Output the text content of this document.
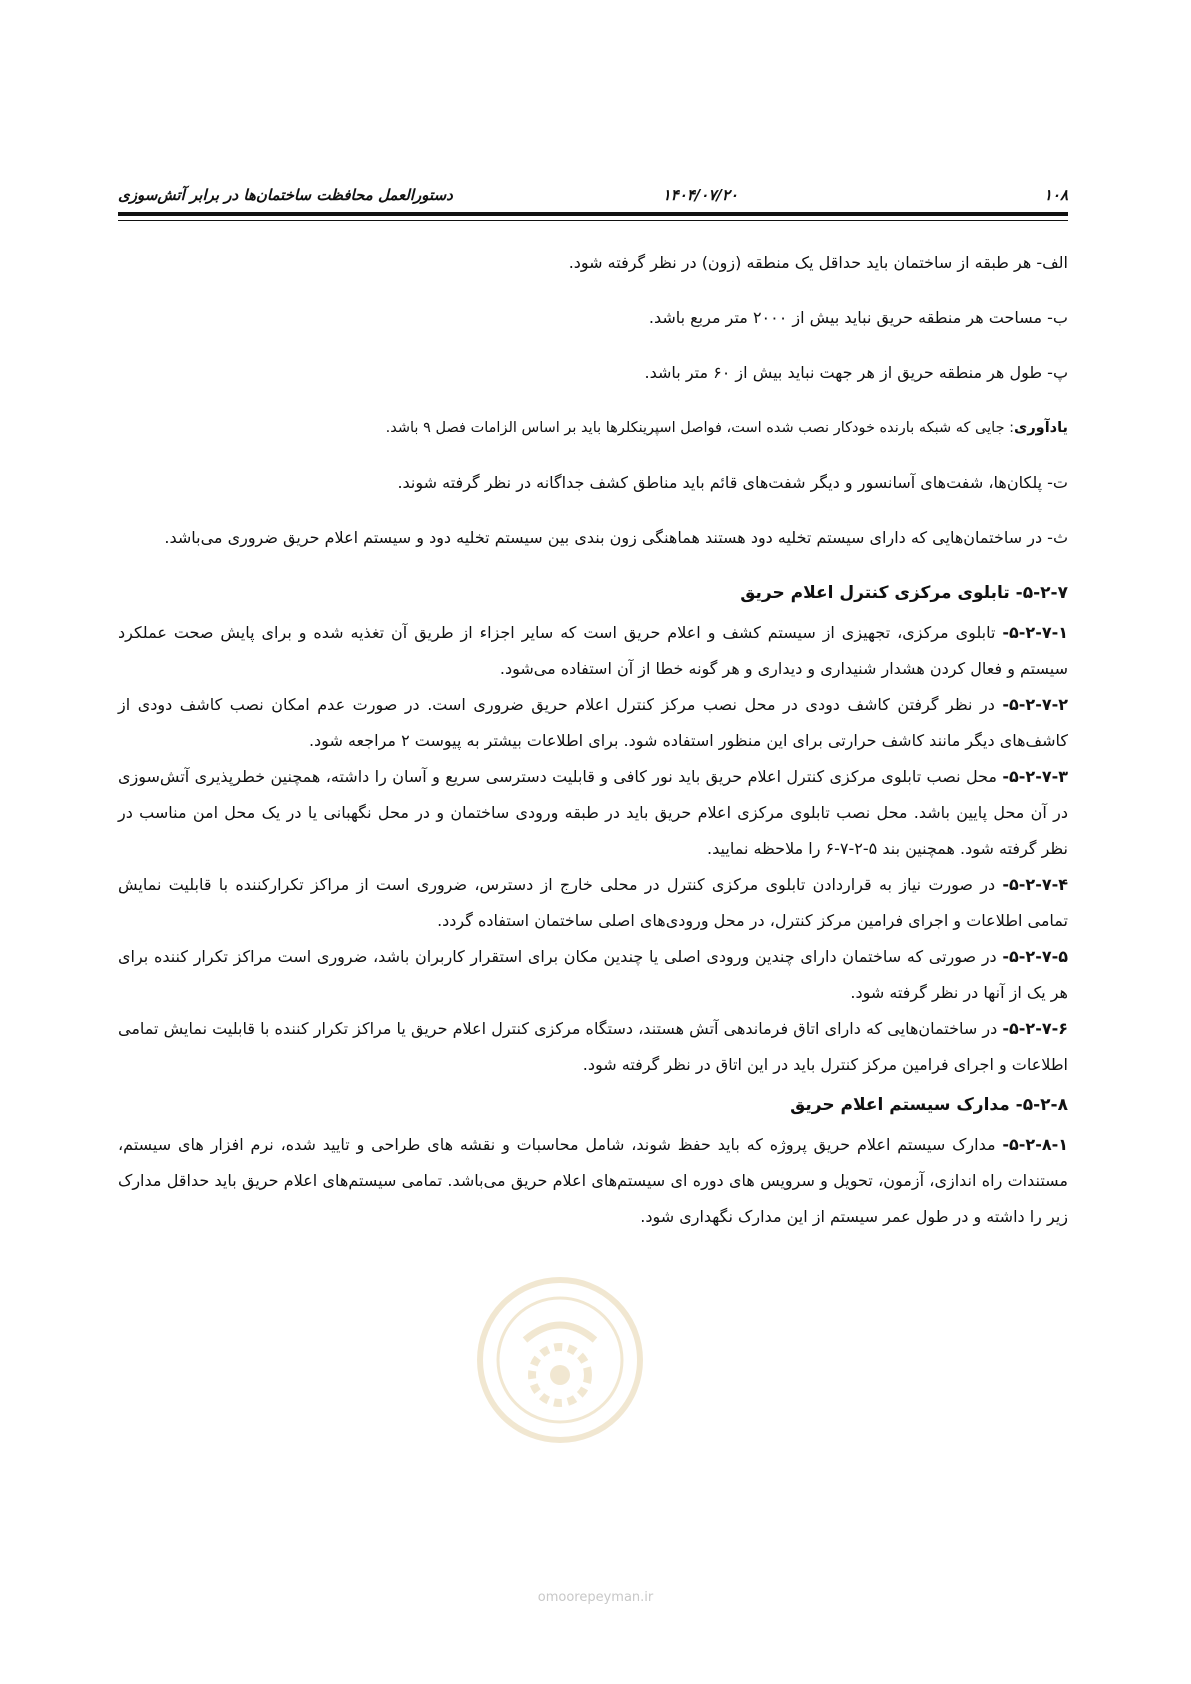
۱۰۸
۱۴۰۴/۰۷/۲۰
دستورالعمل محافظت ساختمان‌ها در برابر آتش‌سوزی

الف- هر طبقه از ساختمان باید حداقل یک منطقه (زون) در نظر گرفته شود.

ب- مساحت هر منطقه حریق نباید بیش از ۲۰۰۰ متر مربع باشد.

پ- طول هر منطقه حریق از هر جهت نباید بیش از ۶۰ متر باشد.

یادآوری: جایی که شبکه بارنده خودکار نصب شده است، فواصل اسپرینکلرها باید بر اساس الزامات فصل ۹ باشد.

ت- پلکان‌ها، شفت‌های آسانسور و دیگر شفت‌های قائم باید مناطق کشف جداگانه در نظر گرفته شوند.

ث- در ساختمان‌هایی که دارای سیستم تخلیه دود هستند هماهنگی زون بندی بین سیستم تخلیه دود و سیستم اعلام حریق ضروری می‌باشد.

۵-۲-۷- تابلوی مرکزی کنترل اعلام حریق

۵-۲-۷-۱- تابلوی مرکزی، تجهیزی از سیستم کشف و اعلام حریق است که سایر اجزاء از طریق آن تغذیه شده و برای پایش صحت عملکرد سیستم و فعال کردن هشدار شنیداری و دیداری و هر گونه خطا از آن استفاده می‌شود.

۵-۲-۷-۲- در نظر گرفتن کاشف دودی در محل نصب مرکز کنترل اعلام حریق ضروری است. در صورت عدم امکان نصب کاشف دودی از کاشف‌های دیگر مانند کاشف حرارتی برای این منظور استفاده شود. برای اطلاعات بیشتر به پیوست ۲ مراجعه شود.

۵-۲-۷-۳- محل نصب تابلوی مرکزی کنترل اعلام حریق باید نور کافی و قابلیت دسترسی سریع و آسان را داشته، همچنین خطرپذیری آتش‌سوزی در آن محل پایین باشد. محل نصب تابلوی مرکزی اعلام حریق باید در طبقه ورودی ساختمان و در محل نگهبانی یا در یک محل امن مناسب در نظر گرفته شود. همچنین بند ۵-۲-۷-۶ را ملاحظه نمایید.

۵-۲-۷-۴- در صورت نیاز به قراردادن تابلوی مرکزی کنترل در محلی خارج از دسترس، ضروری است از مراکز تکرارکننده با قابلیت نمایش تمامی اطلاعات و اجرای فرامین مرکز کنترل، در محل ورودی‌های اصلی ساختمان استفاده گردد.

۵-۲-۷-۵- در صورتی که ساختمان دارای چندین ورودی اصلی یا چندین مکان برای استقرار کاربران باشد، ضروری است مراکز تکرار کننده برای هر یک از آنها در نظر گرفته شود.

۵-۲-۷-۶- در ساختمان‌هایی که دارای اتاق فرماندهی آتش هستند، دستگاه مرکزی کنترل اعلام حریق یا مراکز تکرار کننده با قابلیت نمایش تمامی اطلاعات و اجرای فرامین مرکز کنترل باید در این اتاق در نظر گرفته شود.

۵-۲-۸- مدارک سیستم اعلام حریق

۵-۲-۸-۱- مدارک سیستم اعلام حریق پروژه که باید حفظ شوند، شامل محاسبات و نقشه های طراحی و تایید شده، نرم افزار های سیستم، مستندات راه اندازی، آزمون، تحویل و سرویس های دوره ای سیستم‌های اعلام حریق می‌باشد. تمامی سیستم‌های اعلام حریق باید حداقل مدارک زیر را داشته و در طول عمر سیستم از این مدارک نگهداری شود.

omoorepeyman.ir
